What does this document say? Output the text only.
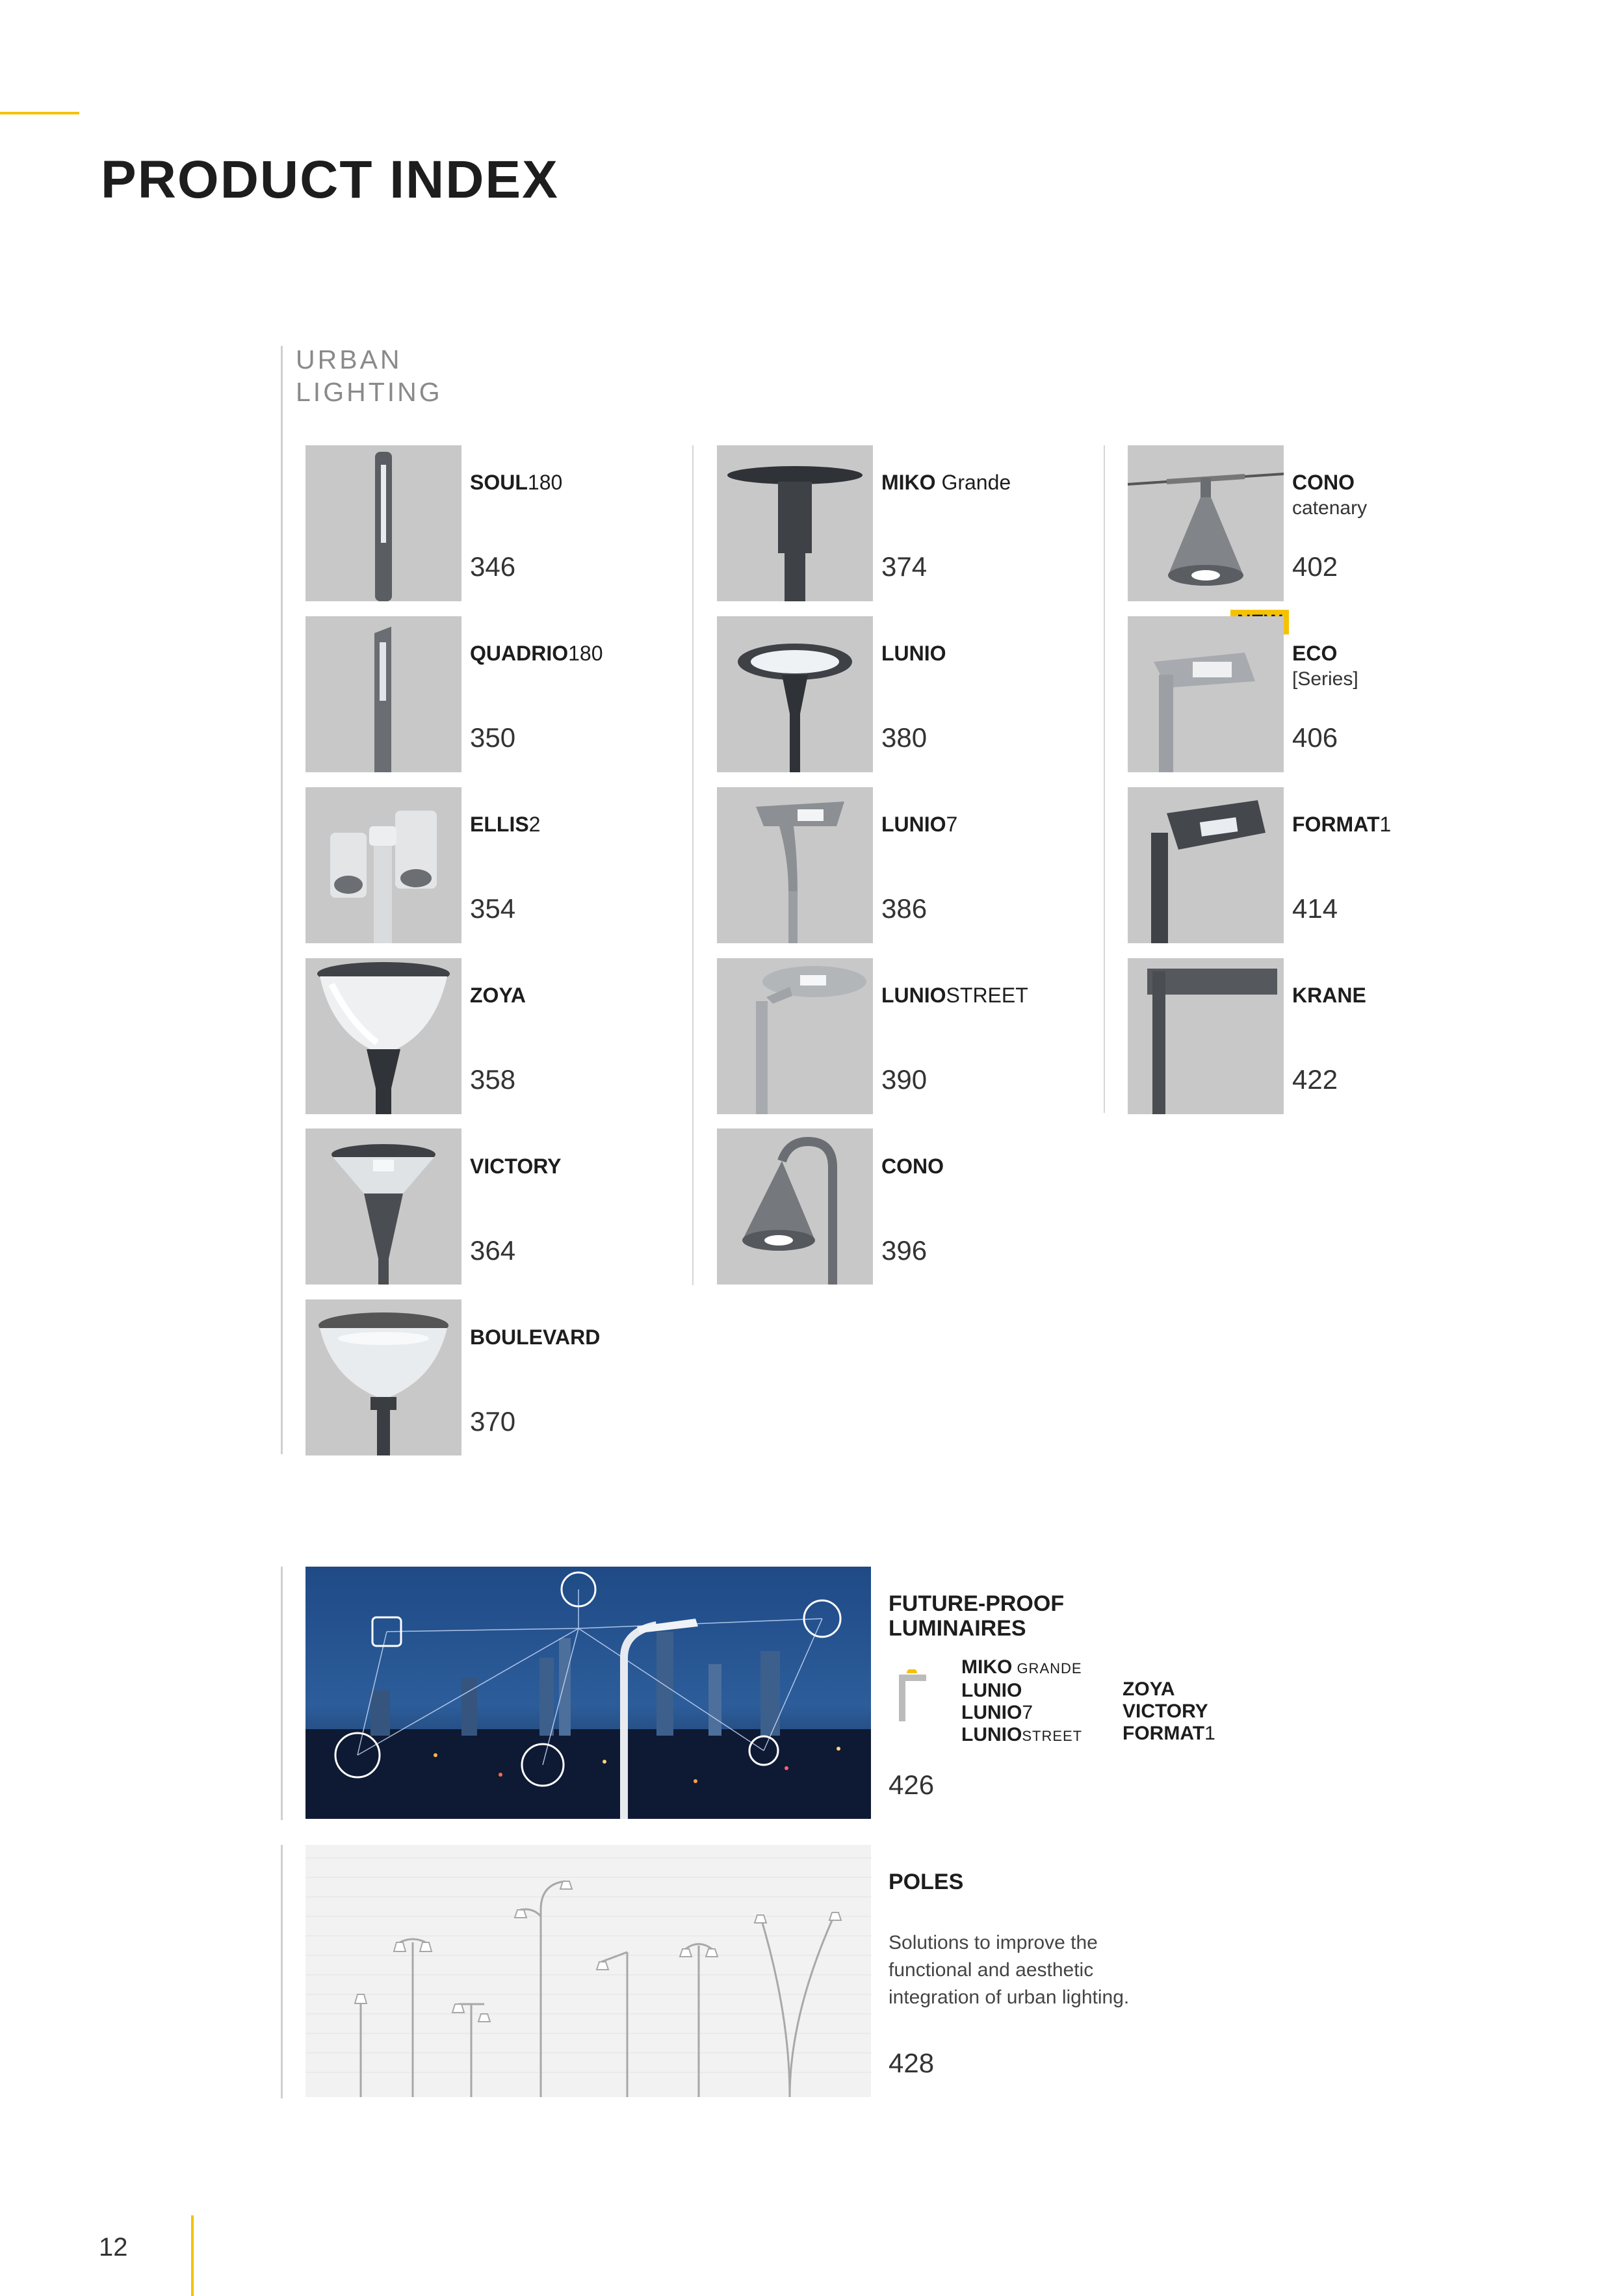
PRODUCT INDEX
URBAN
LIGHTING
SOUL180
346
QUADRIO180
350
ELLIS2
354
ZOYA
358
VICTORY
364
BOULEVARD
370
MIKO Grande
374
LUNIO
380
LUNIO7
386
LUNIOSTREET
390
CONO
396
CONO
catenary
402
ECO
[Series]
406
FORMAT1
414
KRANE
422
FUTURE-PROOF
LUMINAIRES
MIKO GRANDE
LUNIO
LUNIO7
LUNIOSTREET
ZOYA
VICTORY
FORMAT1
426
POLES
Solutions to improve the
functional and aesthetic
integration of urban lighting.
428
12
